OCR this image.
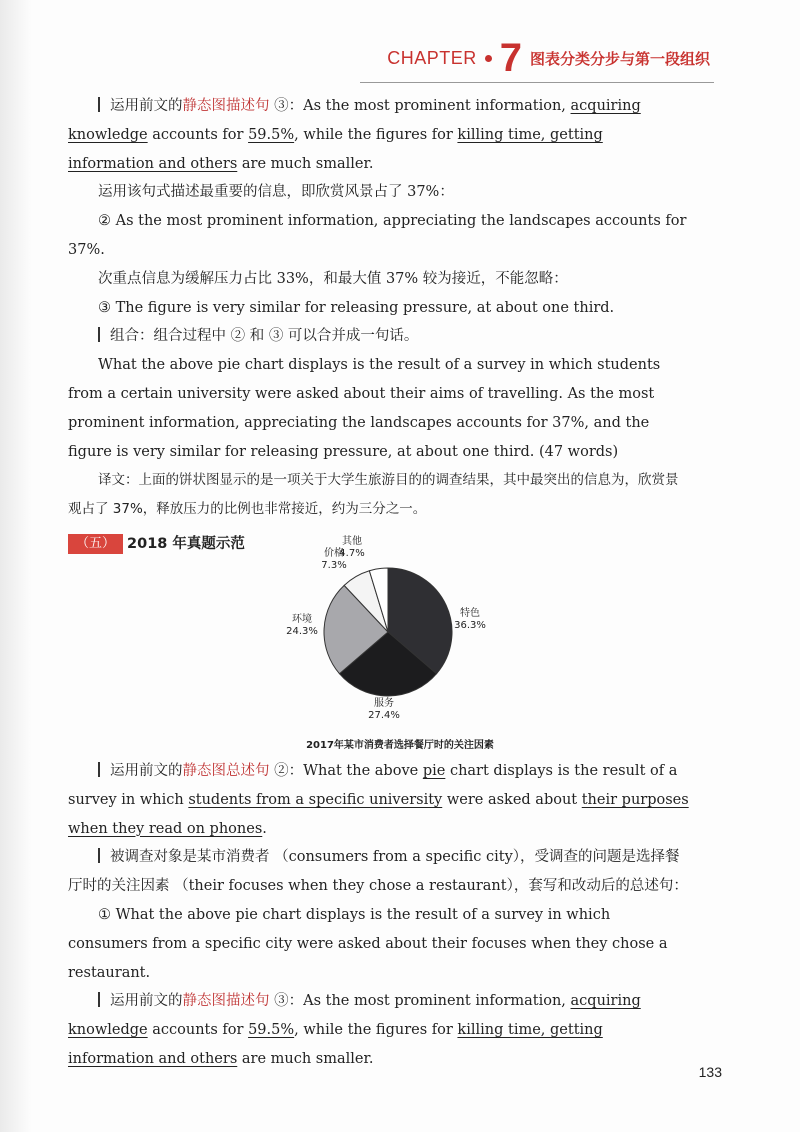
CHAPTER 7 图表分类分步与第一段组织

运用前文的静态图描述句 ③：As the most prominent information, acquiring knowledge accounts for 59.5%, while the figures for killing time, getting information and others are much smaller.

运用该句式描述最重要的信息，即欣赏风景占了 37%：

② As the most prominent information, appreciating the landscapes accounts for 37%.

次重点信息为缓解压力占比 33%，和最大值 37% 较为接近，不能忽略：

③ The figure is very similar for releasing pressure, at about one third.

组合：组合过程中 ② 和 ③ 可以合并成一句话。

What the above pie chart displays is the result of a survey in which students from a certain university were asked about their aims of travelling. As the most prominent information, appreciating the landscapes accounts for 37%, and the figure is very similar for releasing pressure, at about one third. (47 words)

译文：上面的饼状图显示的是一项关于大学生旅游目的的调查结果，其中最突出的信息为，欣赏景观占了 37%，释放压力的比例也非常接近，约为三分之一。

（五） 2018 年真题示范	其他
4.7%
价格
7.3%
特色
36.3%
环境
24.3%
服务
27.4%
2017年某市消费者选择餐厅时的关注因素

运用前文的静态图总述句 ②：What the above pie chart displays is the result of a survey in which students from a specific university were asked about their purposes when they read on phones.

被调查对象是某市消费者 （consumers from a specific city），受调查的问题是选择餐厅时的关注因素 （their focuses when they chose a restaurant），套写和改动后的总述句：

① What the above pie chart displays is the result of a survey in which consumers from a specific city were asked about their focuses when they chose a restaurant.

运用前文的静态图描述句 ③：As the most prominent information, acquiring knowledge accounts for 59.5%, while the figures for killing time, getting information and others are much smaller.

133
